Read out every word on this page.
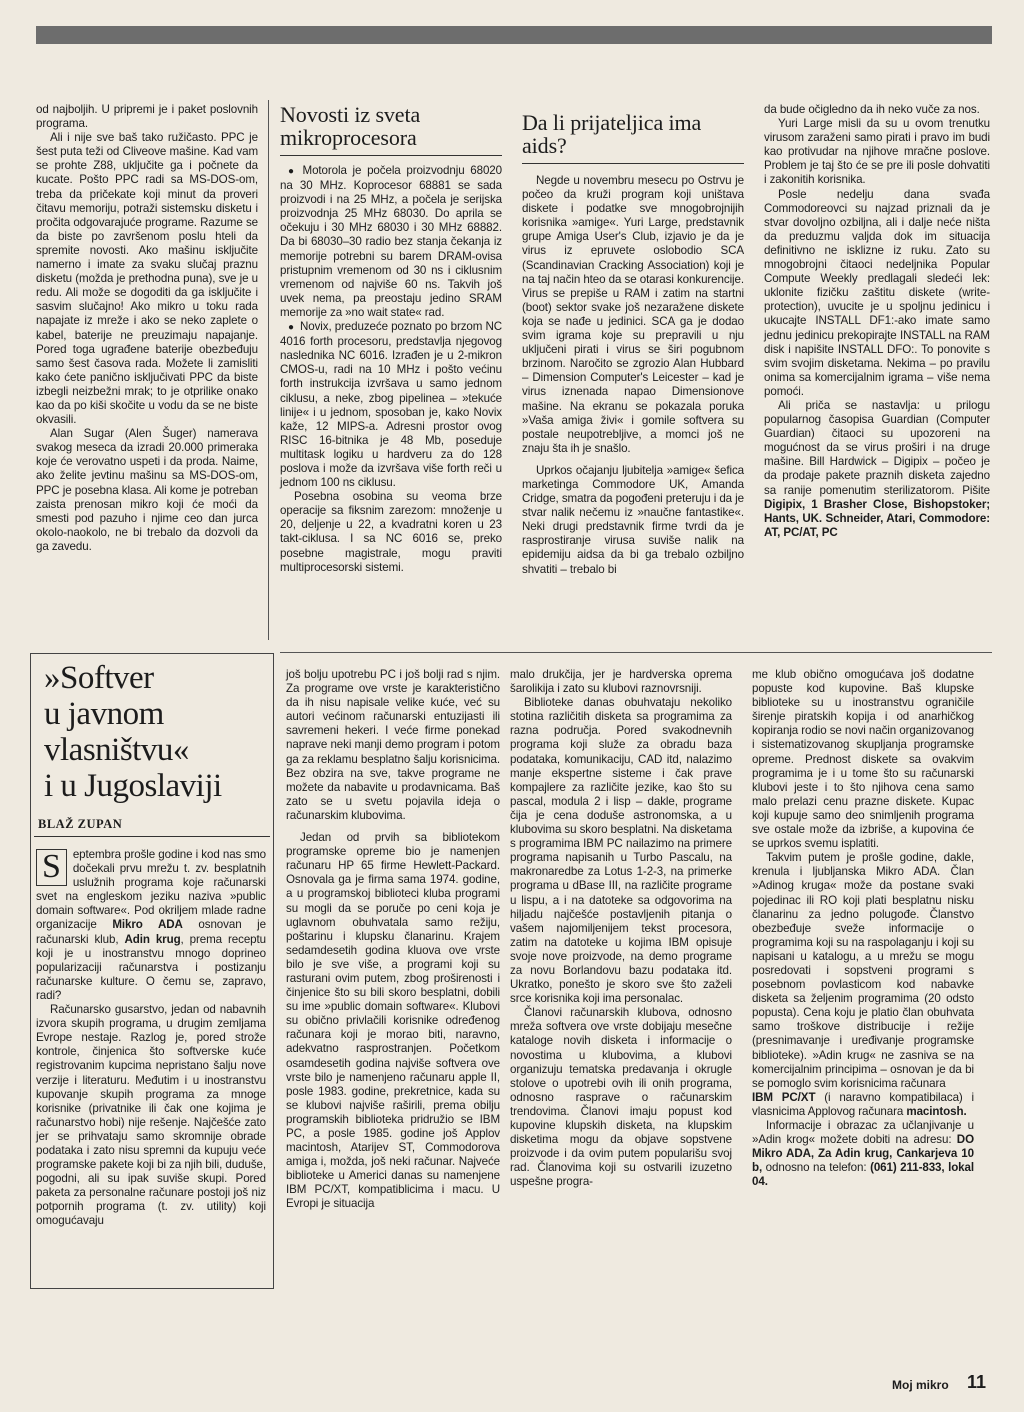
od najboljih. U pripremi je i paket poslovnih programa.

Ali i nije sve baš tako ružičasto. PPC je šest puta teži od Cliveove mašine. Kad vam se prohte Z88, uključite ga i počnete da kucate. Pošto PPC radi sa MS-DOS-om, treba da pričekate koji minut da proveri čitavu memoriju, potraži sistemsku disketu i pročita odgovarajuće programe. Razume se da biste po završenom poslu hteli da spremite novosti. Ako mašinu isključite namerno i imate za svaku slučaj praznu disketu (možda je prethodna puna), sve je u redu. Ali može se dogoditi da ga isključite i sasvim slučajno! Ako mikro u toku rada napajate iz mreže i ako se neko zaplete o kabel, baterije ne preuzimaju napajanje. Pored toga ugrađene baterije obezbeđuju samo šest časova rada. Možete li zamisliti kako ćete panično isključivati PPC da biste izbegli neizbežni mrak; to je otprilike onako kao da po kiši skočite u vodu da se ne biste okvasili.

Alan Sugar (Alen Šuger) namerava svakog meseca da izradi 20.000 primeraka koje će verovatno uspeti i da proda. Naime, ako želite jevtinu mašinu sa MS-DOS-om, PPC je posebna klasa. Ali kome je potreban zaista prenosan mikro koji će moći da smesti pod pazuho i njime ceo dan jurca okolo-naokolo, ne bi trebalo da dozvoli da ga zavedu.

Novosti iz sveta
mikroprocesora

● Motorola je počela proizvodnju 68020 na 30 MHz. Koprocesor 68881 se sada proizvodi i na 25 MHz, a počela je serijska proizvodnja 25 MHz 68030. Do aprila se očekuju i 30 MHz 68030 i 30 MHz 68882. Da bi 68030–30 radio bez stanja čekanja iz memorije potrebni su barem DRAM-ovisa pristupnim vremenom od 30 ns i ciklusnim vremenom od najviše 60 ns. Takvih još uvek nema, pa preostaju jedino SRAM memorije za »no wait state« rad.

● Novix, preduzeće poznato po brzom NC 4016 forth procesoru, predstavlja njegovog naslednika NC 6016. Izrađen je u 2-mikron CMOS-u, radi na 10 MHz i pošto većinu forth instrukcija izvršava u samo jednom ciklusu, a neke, zbog pipelinea – »tekuće linije« i u jednom, sposoban je, kako Novix kaže, 12 MIPS-a. Adresni prostor ovog RISC 16-bitnika je 48 Mb, poseduje multitask logiku u hardveru za do 128 poslova i može da izvršava više forth reči u jednom 100 ns ciklusu.

Posebna osobina su veoma brze operacije sa fiksnim zarezom: množenje u 20, deljenje u 22, a kvadratni koren u 23 takt-ciklusa. I sa NC 6016 se, preko posebne magistrale, mogu praviti multiprocesorski sistemi.

Da li prijateljica ima
aids?

Negde u novembru mesecu po Ostrvu je počeo da kruži program koji uništava diskete i podatke sve mnogobrojnijih korisnika »amige«. Yuri Large, predstavnik grupe Amiga User's Club, izjavio je da je virus iz epruvete oslobodio SCA (Scandinavian Cracking Association) koji je na taj način hteo da se otarasi konkurencije. Virus se prepiše u RAM i zatim na startni (boot) sektor svake još nezaražene diskete koja se nađe u jedinici. SCA ga je dodao svim igrama koje su prepravili u nju uključeni pirati i virus se širi pogubnom brzinom. Naročito se zgrozio Alan Hubbard – Dimension Computer's Leicester – kad je virus iznenada napao Dimensionove mašine. Na ekranu se pokazala poruka »Vaša amiga živi« i gomile softvera su postale neupotrebljive, a momci još ne znaju šta ih je snašlo.

Uprkos očajanju ljubitelja »amige« šefica marketinga Commodore UK, Amanda Cridge, smatra da pogođeni preteruju i da je stvar nalik nečemu iz »naučne fantastike«. Neki drugi predstavnik firme tvrdi da je rasprostiranje virusa suviše nalik na epidemiju aidsa da bi ga trebalo ozbiljno shvatiti – trebalo bi

da bude očigledno da ih neko vuče za nos.

Yuri Large misli da su u ovom trenutku virusom zaraženi samo pirati i pravo im budi kao protivudar na njihove mračne poslove. Problem je taj što će se pre ili posle dohvatiti i zakonitih korisnika.

Posle nedelju dana svađa Commodoreovci su najzad priznali da je stvar dovoljno ozbiljna, ali i dalje neće ništa da preduzmu valjda dok im situacija definitivno ne isklizne iz ruku. Zato su mnogobrojni čitaoci nedeljnika Popular Compute Weekly predlagali sledeći lek: uklonite fizičku zaštitu diskete (write-protection), uvucite je u spoljnu jedinicu i ukucajte INSTALL DF1:-ako imate samo jednu jedinicu prekopirajte INSTALL na RAM disk i napišite INSTALL DFO:. To ponovite s svim svojim disketama. Nekima – po pravilu onima sa komercijalnim igrama – više nema pomoći.

Ali priča se nastavlja: u prilogu popularnog časopisa Guardian (Computer Guardian) čitaoci su upozoreni na mogućnost da se virus proširi i na druge mašine. Bill Hardwick – Digipix – počeo je da prodaje pakete praznih disketa zajedno sa ranije pomenutim sterilizatorom. Pišite Digipix, 1 Brasher Close, Bishopstoker; Hants, UK. Schneider, Atari, Commodore: AT, PC/AT, PC

»Softver
u javnom
vlasništvu«
i u Jugoslaviji
BLAŽ ZUPAN

S	eptembra prošle godine i kod nas smo dočekali prvu mrežu t. zv. besplatnih uslužnih programa koje računarski svet na engleskom jeziku naziva »public domain software«. Pod okriljem mlade radne organizacije Mikro ADA osnovan je računarski klub, Adin krug, prema receptu koji je u inostranstvu mnogo doprineo popularizaciji računarstva i postizanju računarske kulture. O čemu se, zapravo, radi?

Računarsko gusarstvo, jedan od nabavnih izvora skupih programa, u drugim zemljama Evrope nestaje. Razlog je, pored strože kontrole, činjenica što softverske kuće registrovanim kupcima nepristano šalju nove verzije i literaturu. Međutim i u inostranstvu kupovanje skupih programa za mnoge korisnike (privatnike ili čak one kojima je računarstvo hobi) nije rešenje. Najčešće zato jer se prihvataju samo skromnije obrade podataka i zato nisu spremni da kupuju veće programske pakete koji bi za njih bili, duduše, pogodni, ali su ipak suviše skupi. Pored paketa za personalne računare postoji još niz potpornih programa (t. zv. utility) koji omogućavaju

još bolju upotrebu PC i još bolji rad s njim. Za programe ove vrste je karakteristično da ih nisu napisale velike kuće, već su autori većinom računarski entuzijasti ili savremeni hekeri. I veće firme ponekad naprave neki manji demo program i potom ga za reklamu besplatno šalju korisnicima. Bez obzira na sve, takve programe ne možete da nabavite u prodavnicama. Baš zato se u svetu pojavila ideja o računarskim klubovima.

Jedan od prvih sa bibliotekom programske opreme bio je namenjen računaru HP 65 firme Hewlett-Packard. Osnovala ga je firma sama 1974. godine, a u programskoj biblioteci kluba programi su mogli da se poruče po ceni koja je uglavnom obuhvatala samo režiju, poštarinu i klupsku članarinu. Krajem sedamdesetih godina kluova ove vrste bilo je sve više, a programi koji su rasturani ovim putem, zbog proširenosti i činjenice što su bili skoro besplatni, dobili su ime »public domain software«. Klubovi su obično privlačili korisnike određenog računara koji je morao biti, naravno, adekvatno rasprostranjen. Početkom osamdesetih godina najviše softvera ove vrste bilo je namenjeno računaru apple II, posle 1983. godine, prekretnice, kada su se klubovi najviše raširili, prema obilju programskih biblioteka pridružio se IBM PC, a posle 1985. godine još Applov macintosh, Atarijev ST, Commodorova amiga i, možda, još neki računar. Najveće biblioteke u Americi danas su namenjene IBM PC/XT, kompatiblicima i macu. U Evropi je situacija

malo drukčija, jer je hardverska oprema šarolikija i zato su klubovi raznovrsniji.

Biblioteke danas obuhvataju nekoliko stotina različitih disketa sa programima za razna područja. Pored svakodnevnih programa koji služe za obradu baza podataka, komunikaciju, CAD itd, nalazimo manje ekspertne sisteme i čak prave kompajlere za različite jezike, kao što su pascal, modula 2 i lisp – dakle, programe čija je cena doduše astronomska, a u klubovima su skoro besplatni. Na disketama s programima IBM PC nailazimo na primere programa napisanih u Turbo Pascalu, na makronaredbe za Lotus 1-2-3, na primerke programa u dBase III, na različite programe u lispu, a i na datoteke sa odgovorima na hiljadu najčešće postavljenih pitanja o vašem najomiljenijem tekst procesora, zatim na datoteke u kojima IBM opisuje svoje nove proizvode, na demo programe za novu Borlandovu bazu podataka itd. Ukratko, ponešto je skoro sve što zaželi srce korisnika koji ima personalac.

Članovi računarskih klubova, odnosno mreža softvera ove vrste dobijaju mesečne kataloge novih disketa i informacije o novostima u klubovima, a klubovi organizuju tematska predavanja i okrugle stolove o upotrebi ovih ili onih programa, odnosno rasprave o računarskim trendovima. Članovi imaju popust kod kupovine klupskih disketa, na klupskim disketima mogu da objave sopstvene proizvode i da ovim putem popularišu svoj rad. Članovima koji su ostvarili izuzetno uspešne progra-

me klub obično omogućava još dodatne popuste kod kupovine. Baš klupske biblioteke su u inostranstvu ograničile širenje piratskih kopija i od anarhičkog kopiranja rodio se novi način organizovanog i sistematizovanog skupljanja programske opreme. Prednost diskete sa ovakvim programima je i u tome što su računarski klubovi jeste i to što njihova cena samo malo prelazi cenu prazne diskete. Kupac koji kupuje samo deo snimljenih programa sve ostale može da izbriše, a kupovina će se uprkos svemu isplatiti.

Takvim putem je prošle godine, dakle, krenula i ljubljanska Mikro ADA. Član »Adinog kruga« može da postane svaki pojedinac ili RO koji plati besplatnu nisku članarinu za jedno polugođe. Članstvo obezbeđuje sveže informacije o programima koji su na raspolaganju i koji su napisani u katalogu, a u mrežu se mogu posredovati i sopstveni programi s posebnom povlasticom kod nabavke disketa sa željenim programima (20 odsto popusta). Cena koju je platio član obuhvata samo troškove distribucije i režije (presnimavanje i uređivanje programske biblioteke). »Adin krug« ne zasniva se na komercijalnim principima – osnovan je da bi se pomoglo svim korisnicima računara

IBM PC/XT (i naravno kompatibilaca) i vlasnicima Applovog računara macintosh.

Informacije i obrazac za učlanjivanje u »Adin krog« možete dobiti na adresu: DO Mikro ADA, Za Adin krug, Cankarjeva 10 b, odnosno na telefon: (061) 211-833, lokal 04.

Moj mikro 11
